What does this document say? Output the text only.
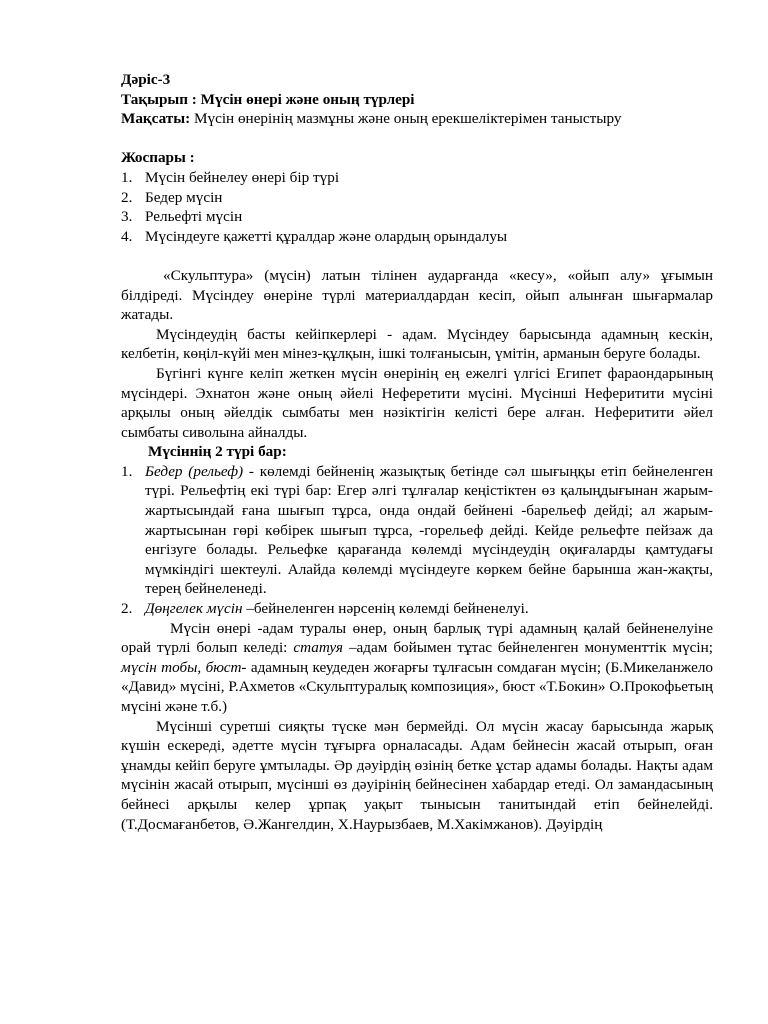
Дәріс-3
Тақырып : Мүсін өнері және оның түрлері
Мақсаты: Мүсін өнерінің мазмұны және оның ерекшеліктерімен таныстыру
Жоспары :
1. Мүсін бейнелеу өнері бір түрі
2. Бедер мүсін
3. Рельефті мүсін
4. Мүсіндеуге қажетті құралдар және олардың орындалуы

«Скульптура» (мүсін) латын тілінен аударғанда «кесу», «ойып алу» ұғымын білдіреді. Мүсіндеу өнеріне түрлі материалдардан кесіп, ойып алынған шығармалар жатады.

Мүсіндеудің басты кейіпкерлері - адам. Мүсіндеу барысында адамның кескін, келбетін, көңіл-күйі мен мінез-құлқын, ішкі толғанысын, үмітін, арманын беруге болады.

Бүгінгі күнге келіп жеткен мүсін өнерінің ең ежелгі үлгісі Египет фараондарының мүсіндері. Эхнатон және оның әйелі Неферетити мүсіні. Мүсінші Неферитити мүсіні арқылы оның әйелдік сымбаты мен нәзіктігін келісті бере алған. Неферитити әйел сымбаты сиволына айналды.

Мүсіннің 2 түрі бар:
1. Бедер (рельеф) - көлемді бейненің жазықтық бетінде сәл шығыңқы етіп бейнеленген түрі. Рельефтің екі түрі бар: Егер әлгі тұлғалар кеңістіктен өз қалыңдығынан жарым-жартысындай ғана шығып тұрса, онда ондай бейнені -барельеф дейді; ал жарым-жартысынан гөрі көбірек шығып тұрса, -горельеф дейді. Кейде рельефте пейзаж да енгізуге болады. Рельефке қарағанда көлемді мүсіндеудің оқиғаларды қамтудағы мүмкіндігі шектеулі. Алайда көлемді мүсіндеуге көркем бейне барынша жан-жақты, терең бейнеленеді.
2. Дөңгелек мүсін –бейнеленген нәрсенің көлемді бейненелуі.

Мүсін өнері -адам туралы өнер, оның барлық түрі адамның қалай бейненелуіне орай түрлі болып келеді: статуя –адам бойымен тұтас бейнеленген монументтік мүсін; мүсін тобы, бюст- адамның кеудеден жоғарғы тұлғасын сомдаған мүсін; (Б.Микеланжело «Давид» мүсіні, Р.Ахметов «Скульптуралық композиция», бюст «Т.Бокин» О.Прокофьетың мүсіні және т.б.)

Мүсінші суретші сияқты түске мән бермейді. Ол мүсін жасау барысында жарық күшін ескереді, әдетте мүсін тұғырға орналасады. Адам бейнесін жасай отырып, оған ұнамды кейіп беруге ұмтылады. Әр дәуірдің өзінің бетке ұстар адамы болады. Нақты адам мүсінін жасай отырып, мүсінші өз дәуірінің бейнесінен хабардар етеді. Ол замандасының бейнесі арқылы келер ұрпақ уақыт тынысын танитындай етіп бейнелейді. (Т.Досмағанбетов, Ә.Жангелдин, Х.Наурызбаев, М.Хакімжанов). Дәуірдің
